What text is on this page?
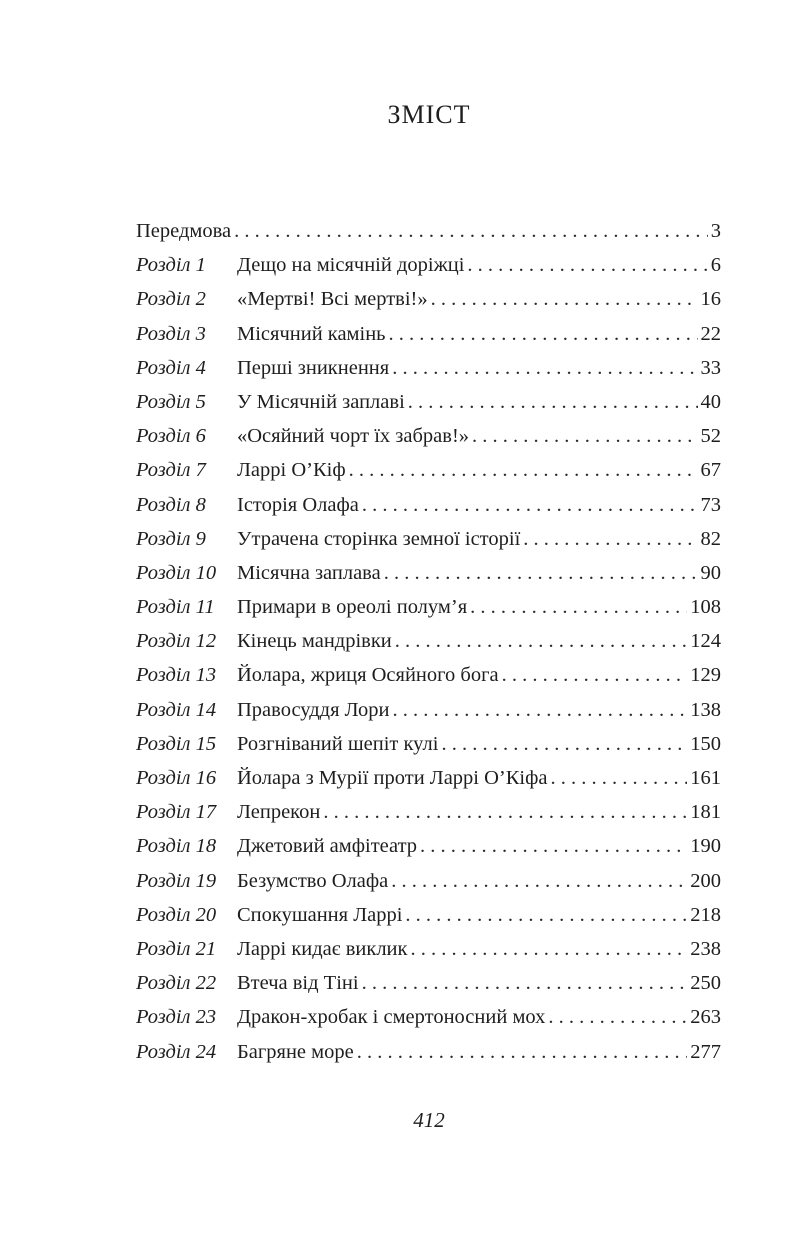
ЗМІСТ
Передмова . . .	3
Розділ 1	Дещо на місячній доріжці . . .	6
Розділ 2	«Мертві! Всі мертві!» . . .	16
Розділ 3	Місячний камінь . . .	22
Розділ 4	Перші зникнення . . .	33
Розділ 5	У Місячній заплаві . . .	40
Розділ 6	«Осяйний чорт їх забрав!» . . .	52
Розділ 7	Ларрі О’Кіф . . .	67
Розділ 8	Історія Олафа . . .	73
Розділ 9	Утрачена сторінка земної історії . . .	82
Розділ 10	Місячна заплава . . .	90
Розділ 11	Примари в ореолі полум’я . . .	108
Розділ 12	Кінець мандрівки . . .	124
Розділ 13	Йолара, жриця Осяйного бога . . .	129
Розділ 14	Правосуддя Лори . . .	138
Розділ 15	Розгніваний шепіт кулі . . .	150
Розділ 16	Йолара з Мурії проти Ларрі О’Кіфа . . .	161
Розділ 17	Лепрекон . . .	181
Розділ 18	Джетовий амфітеатр . . .	190
Розділ 19	Безумство Олафа . . .	200
Розділ 20	Спокушання Ларрі . . .	218
Розділ 21	Ларрі кидає виклик . . .	238
Розділ 22	Втеча від Тіні . . .	250
Розділ 23	Дракон-хробак і смертоносний мох . . .	263
Розділ 24	Багряне море . . .	277
412
